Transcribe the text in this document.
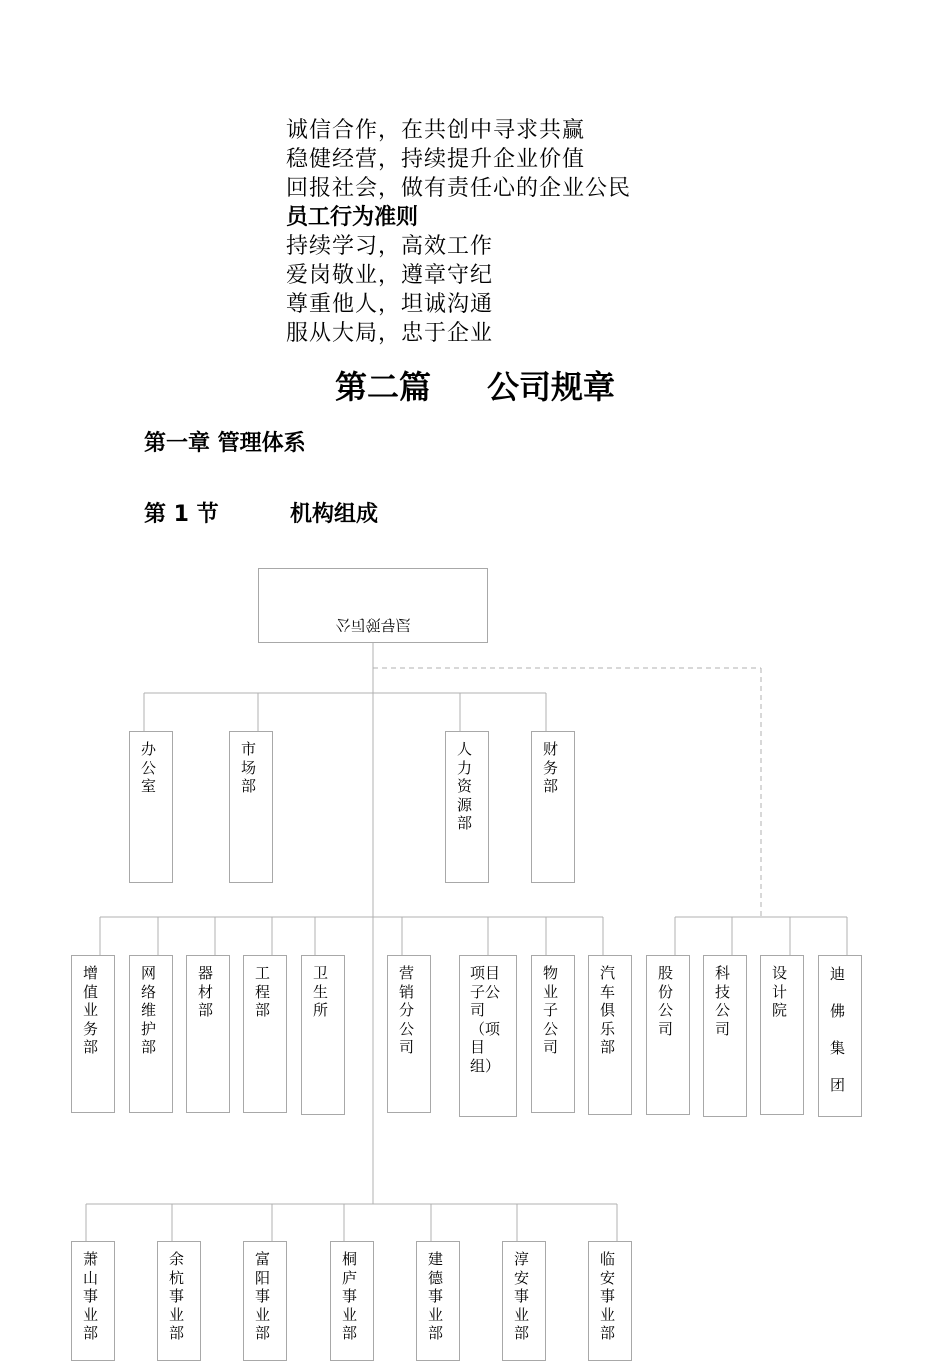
诚信合作，在共创中寻求共赢
稳健经营，持续提升企业价值
回报社会，做有责任心的企业公民
员工行为准则
持续学习，高效工作
爱岗敬业，遵章守纪
尊重他人，坦诚沟通
服从大局，忠于企业
第二篇 公司规章
第一章 管理体系
第 1 节	机构组成
公司领导层
办公室
市场部
人力资源部
财务部
增值业务部
网络维护部
器材部
工程部
卫生所
营销分公司
项目子公司（项目组）
物业子公司
汽车俱乐部
股份公司
科技公司
设计院
迪佛集团
萧山事业部
余杭事业部
富阳事业部
桐庐事业部
建德事业部
淳安事业部
临安事业部
